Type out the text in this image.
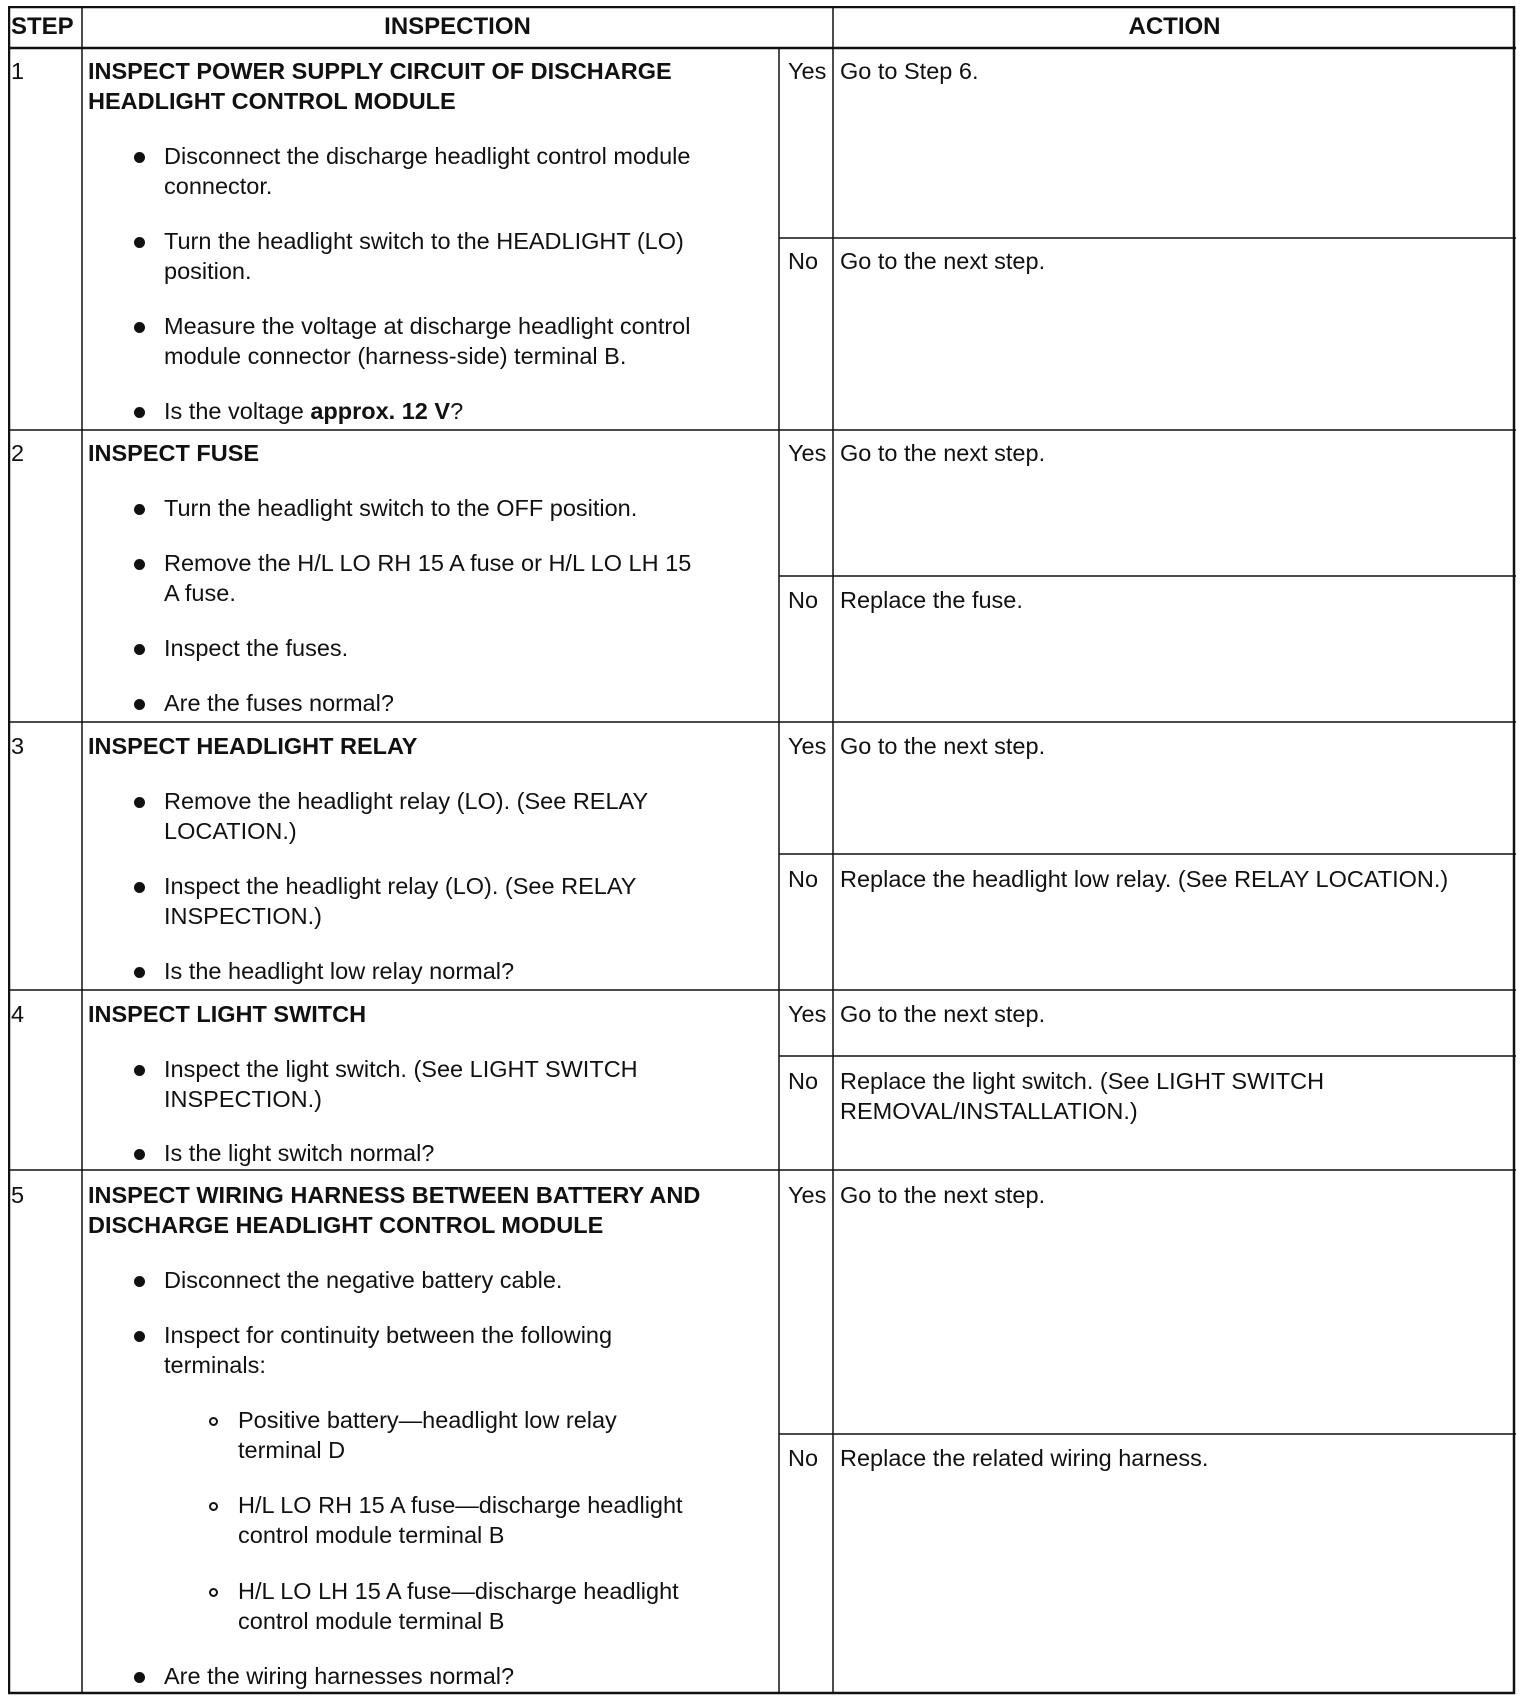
STEP	INSPECTION	ACTION
1	INSPECT POWER SUPPLY CIRCUIT OF DISCHARGE
HEADLIGHT CONTROL MODULE
Disconnect the discharge headlight control module
connector.
Turn the headlight switch to the HEADLIGHT (LO)
position.
Measure the voltage at discharge headlight control
module connector (harness-side) terminal B.
Is the voltage approx. 12 V?
Yes Go to Step 6.
No Go to the next step.
2	INSPECT FUSE
Turn the headlight switch to the OFF position.
Remove the H/L LO RH 15 A fuse or H/L LO LH 15
A fuse.
Inspect the fuses.
Are the fuses normal?
Yes Go to the next step.
No Replace the fuse.
3	INSPECT HEADLIGHT RELAY
Remove the headlight relay (LO). (See RELAY
LOCATION.)
Inspect the headlight relay (LO). (See RELAY
INSPECTION.)
Is the headlight low relay normal?
Yes Go to the next step.
No Replace the headlight low relay. (See RELAY LOCATION.)
4	INSPECT LIGHT SWITCH
Inspect the light switch. (See LIGHT SWITCH
INSPECTION.)
Is the light switch normal?
Yes Go to the next step.
No Replace the light switch. (See LIGHT SWITCH
REMOVAL/INSTALLATION.)
5	INSPECT WIRING HARNESS BETWEEN BATTERY AND
DISCHARGE HEADLIGHT CONTROL MODULE
Disconnect the negative battery cable.
Inspect for continuity between the following
terminals:
Positive battery—headlight low relay
terminal D
H/L LO RH 15 A fuse—discharge headlight
control module terminal B
H/L LO LH 15 A fuse—discharge headlight
control module terminal B
Are the wiring harnesses normal?
Yes Go to the next step.
No Replace the related wiring harness.
